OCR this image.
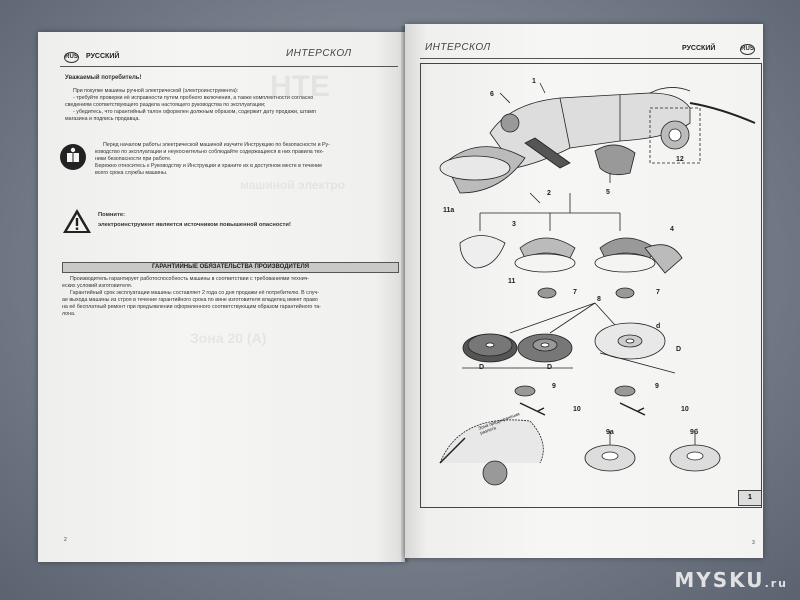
RUS РУССКИЙ	ИНТЕРСКОЛ
НТЕ
Уважаемый потребитель!
При покупке машины ручной электрической (электроинструмента):
- требуйте проверки её исправности путем пробного включения, а также комплектности согласно
сведениям соответствующего раздела настоящего руководства по эксплуатации;
- убедитесь, что гарантийный талон оформлен должным образом, содержит дату продажи, штамп
магазина и подпись продавца.
Перед началом работы электрической машиной изучите Инструкцию по безопасности и Ру-
ководство по эксплуатации и неукоснительно соблюдайте содержащиеся в них правила тех-
ники безопасности при работе.
Бережно относитесь к Руководству и Инструкции и храните их в доступном месте в течение
всего срока службы машины.
машиной электро
Помните:
электроинструмент является источником повышенной опасности!
ГАРАНТИЙНЫЕ ОБЯЗАТЕЛЬСТВА ПРОИЗВОДИТЕЛЯ
Производитель гарантирует работоспособность машины в соответствии с требованиями технич-
еских условий изготовителя.
Гарантийный срок эксплуатации машины составляет 2 года со дня продажи её потребителю. В случ-
ае выхода машины из строя в течение гарантийного срока по вине изготовителя владелец имеет право
на её бесплатный ремонт при предъявлении оформленного соответствующим образом гарантийного та-
лона.
Зона 20 (A)
2
ИНТЕРСКОЛ	РУССКИЙ	RUS
1
1
6
2	5
12
11а
3
4
11
7	7
8
d
D	D
D
9	9
10	10
9а	9б
Зона предохранения разлета
3
MYSKU.ru
